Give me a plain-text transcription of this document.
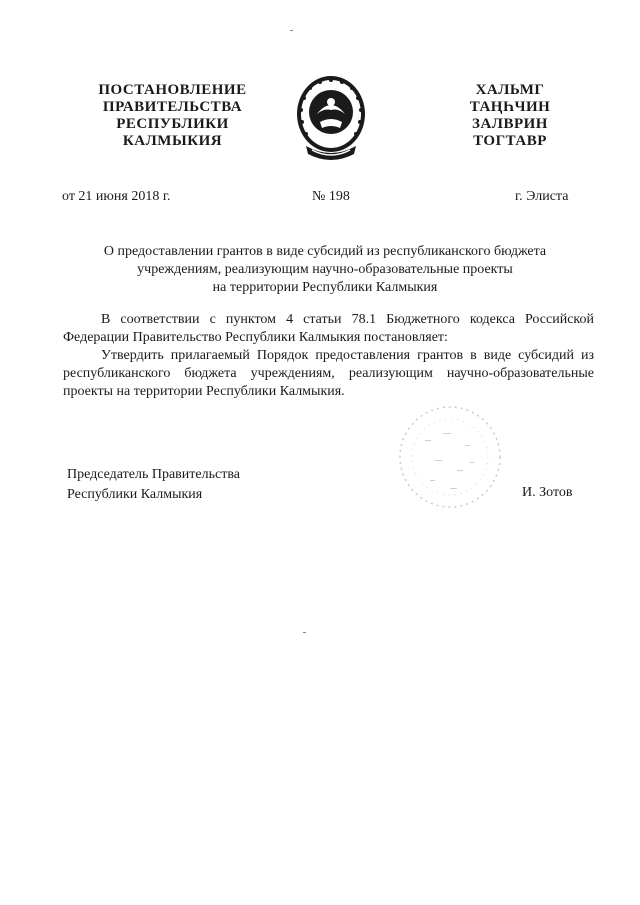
ПОСТАНОВЛЕНИЕ
ПРАВИТЕЛЬСТВА
РЕСПУБЛИКИ
КАЛМЫКИЯ
ХАЛЬМГ
ТАҢҺЧИН
ЗАЛВРИН
ТОГТАВР
от 21 июня 2018 г.	№ 198	г. Элиста
О предоставлении грантов в виде субсидий из республиканского бюджета
учреждениям, реализующим научно-образовательные проекты
на территории Республики Калмыкия

В соответствии с пунктом 4 статьи 78.1 Бюджетного кодекса Российской Федерации Правительство Республики Калмыкия постановляет:

Утвердить прилагаемый Порядок предоставления грантов в виде субсидий из республиканского бюджета учреждениям, реализующим научно-образовательные проекты на территории Республики Калмыкия.

Председатель Правительства
Республики Калмыкия	И. Зотов
